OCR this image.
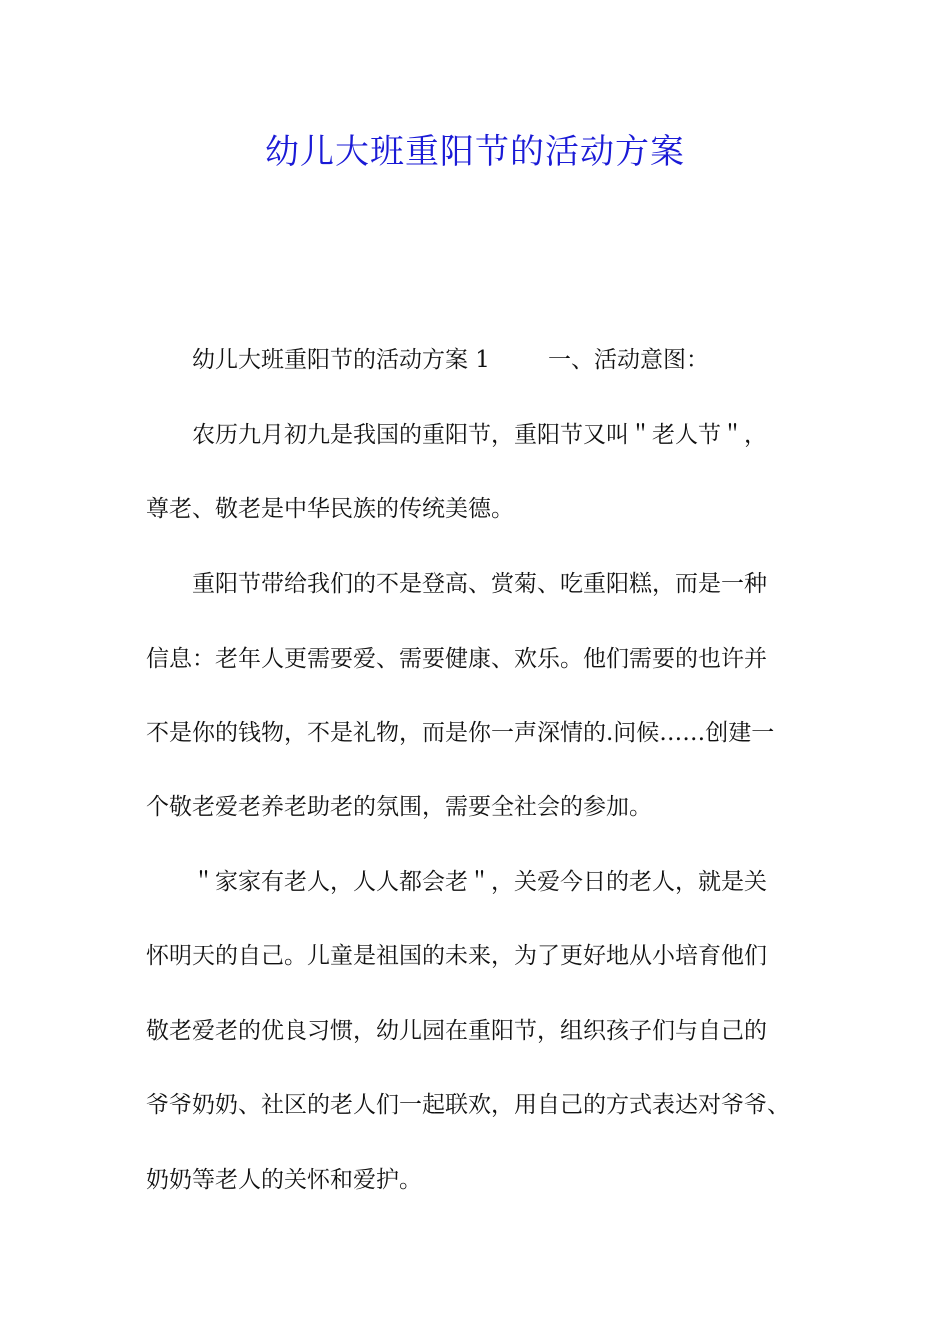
幼儿大班重阳节的活动方案

幼儿大班重阳节的活动方案 1	一、活动意图：

农历九月初九是我国的重阳节，重阳节又叫＂老人节＂，

尊老、敬老是中华民族的传统美德。

重阳节带给我们的不是登高、赏菊、吃重阳糕，而是一种

信息：老年人更需要爱、需要健康、欢乐。他们需要的也许并

不是你的钱物，不是礼物，而是你一声深情的.问候……创建一

个敬老爱老养老助老的氛围，需要全社会的参加。

＂家家有老人，人人都会老＂，关爱今日的老人，就是关

怀明天的自己。儿童是祖国的未来，为了更好地从小培育他们

敬老爱老的优良习惯，幼儿园在重阳节，组织孩子们与自己的

爷爷奶奶、社区的老人们一起联欢，用自己的方式表达对爷爷、

奶奶等老人的关怀和爱护。
